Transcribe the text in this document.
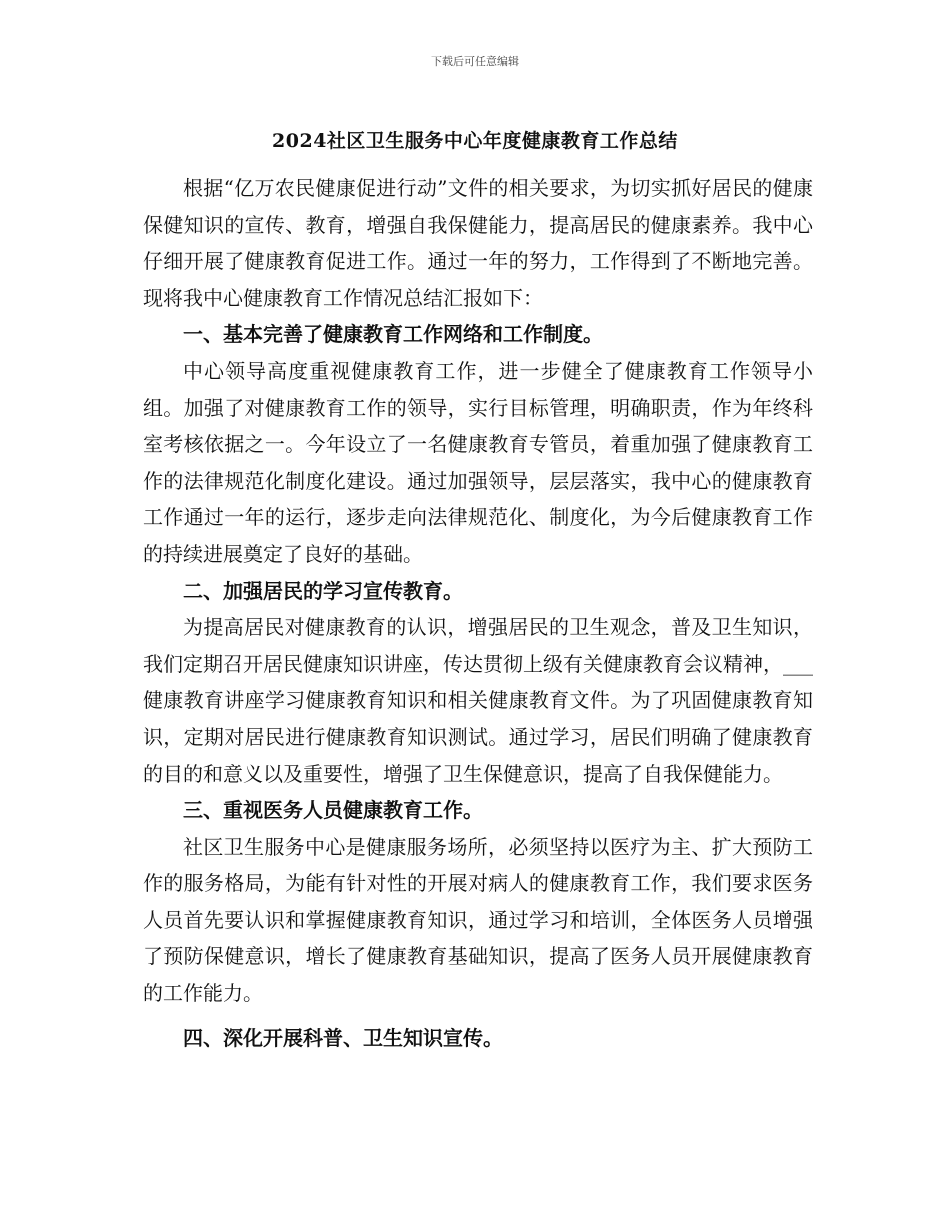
下载后可任意编辑
2024社区卫生服务中心年度健康教育工作总结

根据“亿万农民健康促进行动”文件的相关要求，为切实抓好居民的健康保健知识的宣传、教育，增强自我保健能力，提高居民的健康素养。我中心仔细开展了健康教育促进工作。通过一年的努力，工作得到了不断地完善。现将我中心健康教育工作情况总结汇报如下：

一、基本完善了健康教育工作网络和工作制度。

中心领导高度重视健康教育工作，进一步健全了健康教育工作领导小组。加强了对健康教育工作的领导，实行目标管理，明确职责，作为年终科室考核依据之一。今年设立了一名健康教育专管员，着重加强了健康教育工作的法律规范化制度化建设。通过加强领导，层层落实，我中心的健康教育工作通过一年的运行，逐步走向法律规范化、制度化，为今后健康教育工作的持续进展奠定了良好的基础。

二、加强居民的学习宣传教育。

为提高居民对健康教育的认识，增强居民的卫生观念，普及卫生知识，我们定期召开居民健康知识讲座，传达贯彻上级有关健康教育会议精神，___健康教育讲座学习健康教育知识和相关健康教育文件。为了巩固健康教育知识，定期对居民进行健康教育知识测试。通过学习，居民们明确了健康教育的目的和意义以及重要性，增强了卫生保健意识，提高了自我保健能力。

三、重视医务人员健康教育工作。

社区卫生服务中心是健康服务场所，必须坚持以医疗为主、扩大预防工作的服务格局，为能有针对性的开展对病人的健康教育工作，我们要求医务人员首先要认识和掌握健康教育知识，通过学习和培训，全体医务人员增强了预防保健意识，增长了健康教育基础知识，提高了医务人员开展健康教育的工作能力。

四、深化开展科普、卫生知识宣传。
